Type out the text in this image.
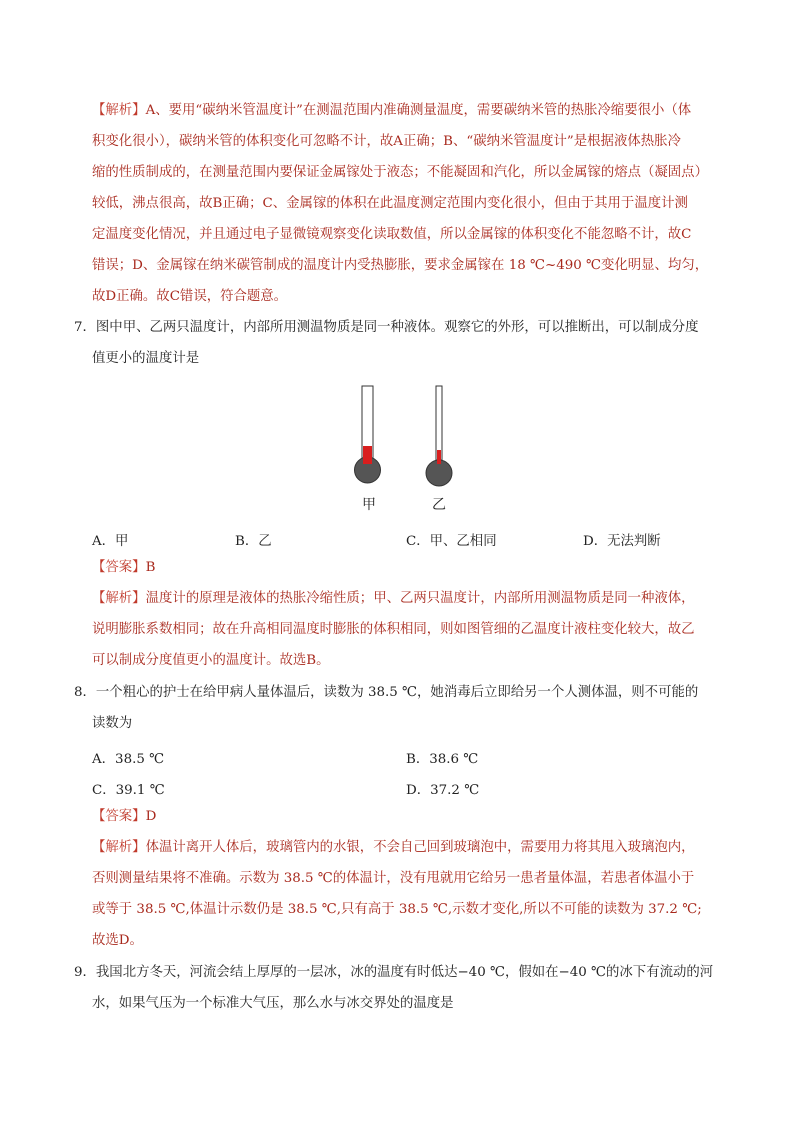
【解析】A、要用“碳纳米管温度计”在测温范围内准确测量温度，需要碳纳米管的热胀冷缩要很小（体
积变化很小），碳纳米管的体积变化可忽略不计，故A正确；B、“碳纳米管温度计”是根据液体热胀冷
缩的性质制成的，在测量范围内要保证金属镓处于液态；不能凝固和汽化，所以金属镓的熔点（凝固点）
较低，沸点很高，故B正确；C、金属镓的体积在此温度测定范围内变化很小，但由于其用于温度计测
定温度变化情况，并且通过电子显微镜观察变化读取数值，所以金属镓的体积变化不能忽略不计，故C
错误；D、金属镓在纳米碳管制成的温度计内受热膨胀，要求金属镓在 18 ℃~490 ℃变化明显、均匀，
故D正确。故C错误，符合题意。
7．图中甲、乙两只温度计，内部所用测温物质是同一种液体。观察它的外形，可以推断出，可以制成分度
值更小的温度计是
甲	乙
A．甲	B．乙	C．甲、乙相同	D．无法判断
【答案】B
【解析】温度计的原理是液体的热胀冷缩性质；甲、乙两只温度计，内部所用测温物质是同一种液体，
说明膨胀系数相同；故在升高相同温度时膨胀的体积相同，则如图管细的乙温度计液柱变化较大，故乙
可以制成分度值更小的温度计。故选B。
8．一个粗心的护士在给甲病人量体温后，读数为 38.5 ℃，她消毒后立即给另一个人测体温，则不可能的
读数为
A．38.5 ℃	B．38.6 ℃
C．39.1 ℃	D．37.2 ℃
【答案】D
【解析】体温计离开人体后，玻璃管内的水银，不会自己回到玻璃泡中，需要用力将其甩入玻璃泡内，
否则测量结果将不准确。示数为 38.5 ℃的体温计，没有甩就用它给另一患者量体温，若患者体温小于
或等于 38.5 ℃,体温计示数仍是 38.5 ℃,只有高于 38.5 ℃,示数才变化,所以不可能的读数为 37.2 ℃;
故选D。
9．我国北方冬天，河流会结上厚厚的一层冰，冰的温度有时低达−40 ℃，假如在−40 ℃的冰下有流动的河
水，如果气压为一个标准大气压，那么水与冰交界处的温度是
